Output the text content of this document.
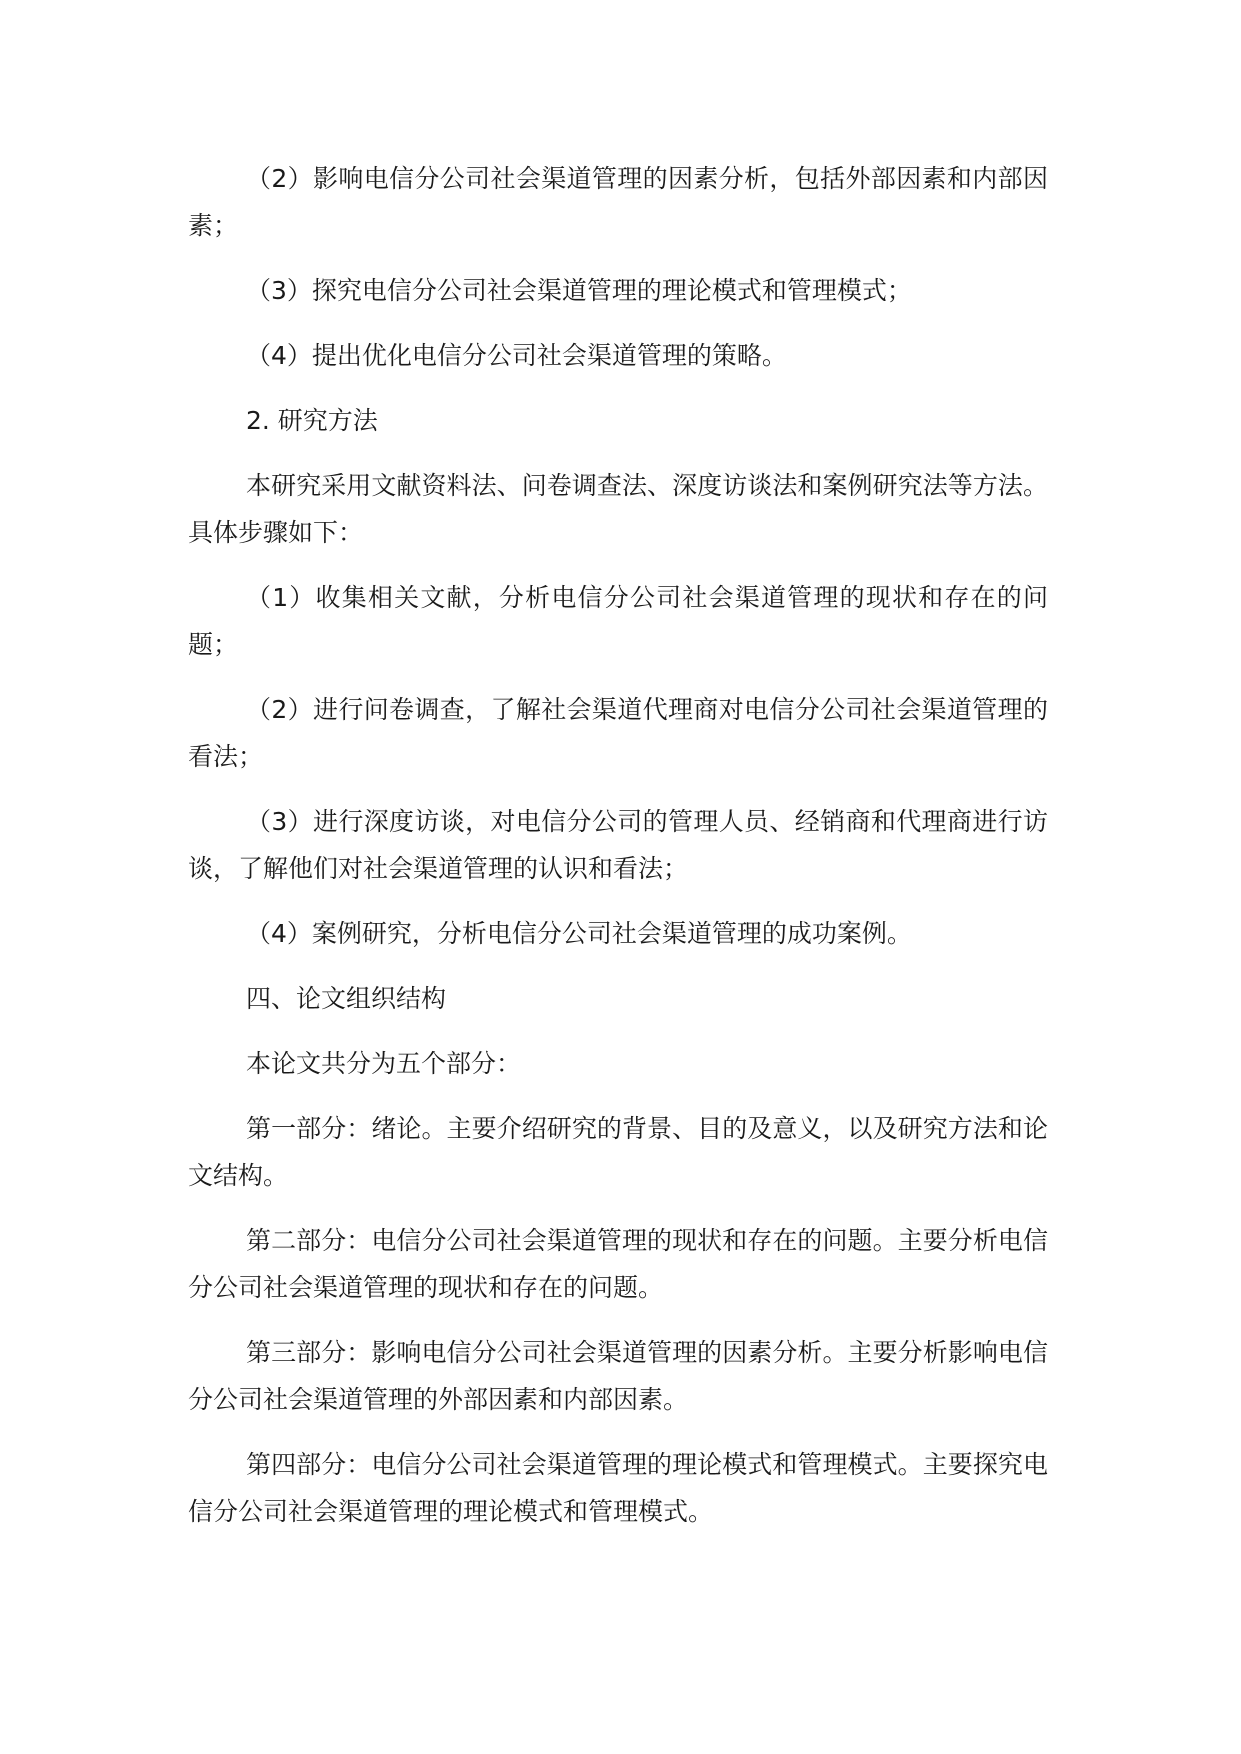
（2）影响电信分公司社会渠道管理的因素分析，包括外部因素和内部因素；

（3）探究电信分公司社会渠道管理的理论模式和管理模式；

（4）提出优化电信分公司社会渠道管理的策略。

2. 研究方法

本研究采用文献资料法、问卷调查法、深度访谈法和案例研究法等方法。具体步骤如下：

（1）收集相关文献，分析电信分公司社会渠道管理的现状和存在的问题；

（2）进行问卷调查，了解社会渠道代理商对电信分公司社会渠道管理的看法；

（3）进行深度访谈，对电信分公司的管理人员、经销商和代理商进行访谈，了解他们对社会渠道管理的认识和看法；

（4）案例研究，分析电信分公司社会渠道管理的成功案例。

四、论文组织结构

本论文共分为五个部分：

第一部分：绪论。主要介绍研究的背景、目的及意义，以及研究方法和论文结构。

第二部分：电信分公司社会渠道管理的现状和存在的问题。主要分析电信分公司社会渠道管理的现状和存在的问题。

第三部分：影响电信分公司社会渠道管理的因素分析。主要分析影响电信分公司社会渠道管理的外部因素和内部因素。

第四部分：电信分公司社会渠道管理的理论模式和管理模式。主要探究电信分公司社会渠道管理的理论模式和管理模式。
